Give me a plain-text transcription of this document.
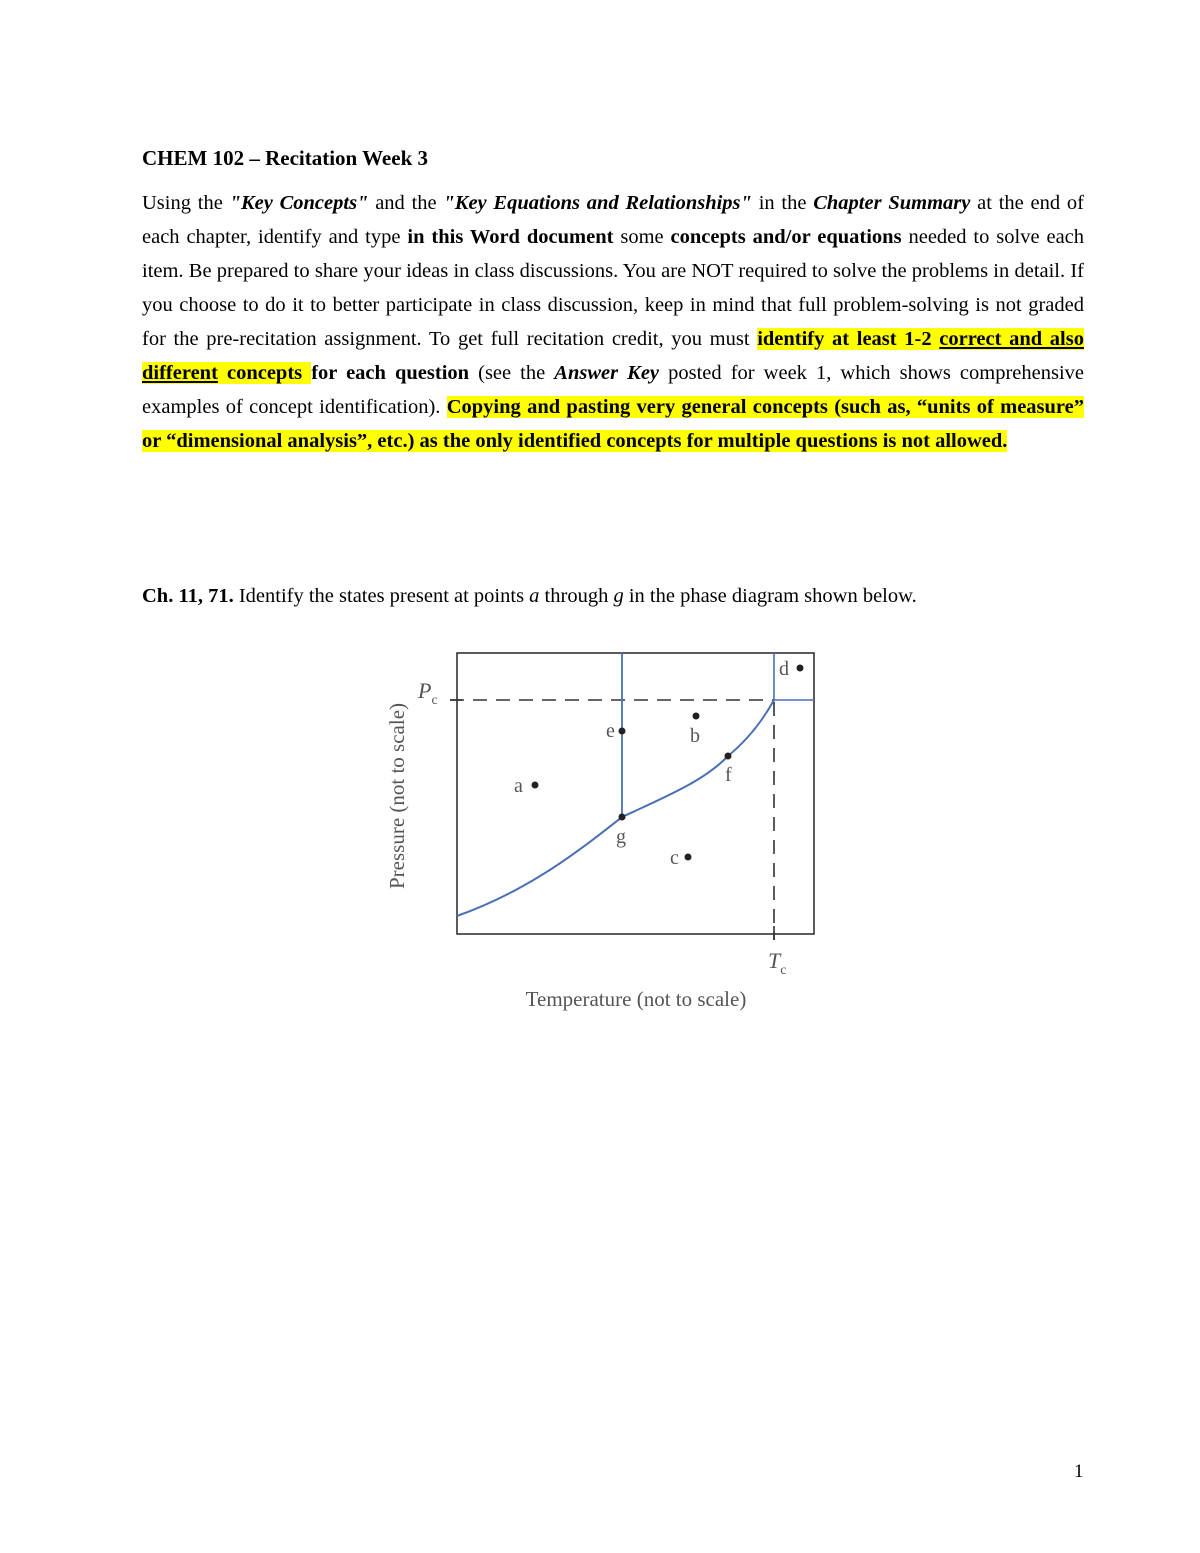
CHEM 102 – Recitation Week 3

Using the "Key Concepts" and the "Key Equations and Relationships" in the Chapter Summary at the end of each chapter, identify and type in this Word document some concepts and/or equations needed to solve each item. Be prepared to share your ideas in class discussions. You are NOT required to solve the problems in detail. If you choose to do it to better participate in class discussion, keep in mind that full problem-solving is not graded for the pre-recitation assignment. To get full recitation credit, you must identify at least 1-2 correct and also different concepts for each question (see the Answer Key posted for week 1, which shows comprehensive examples of concept identification). Copying and pasting very general concepts (such as, “units of measure” or “dimensional analysis”, etc.) as the only identified concepts for multiple questions is not allowed.

Ch. 11, 71. Identify the states present at points a through g in the phase diagram shown below.

a
b
c
d
e
f
g
$P_c$
$T_c$
Pressure (not to scale)
Temperature (not to scale)
1
